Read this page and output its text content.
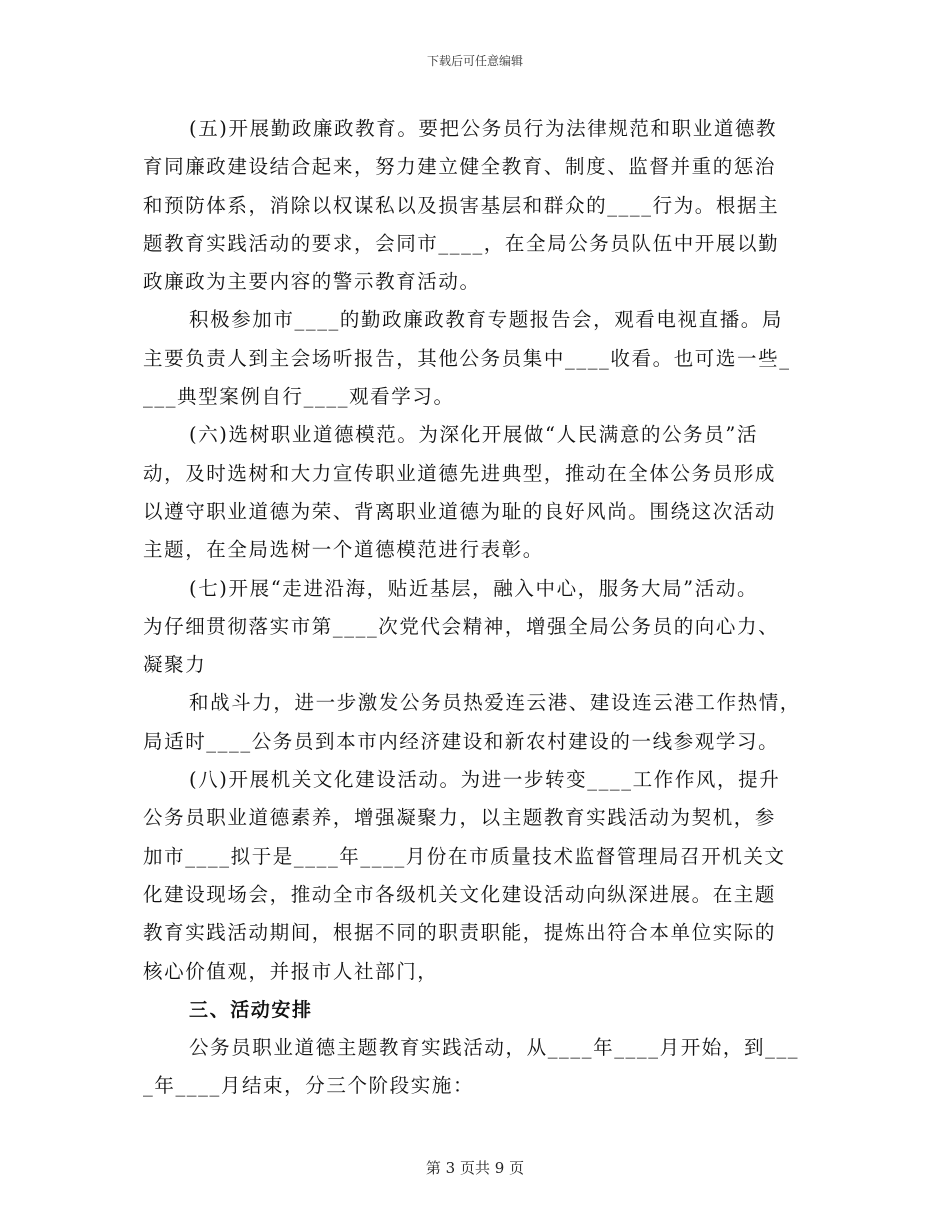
下载后可任意编辑
(五)开展勤政廉政教育。要把公务员行为法律规范和职业道德教
育同廉政建设结合起来，努力建立健全教育、制度、监督并重的惩治
和预防体系，消除以权谋私以及损害基层和群众的____行为。根据主
题教育实践活动的要求，会同市____，在全局公务员队伍中开展以勤
政廉政为主要内容的警示教育活动。
积极参加市____的勤政廉政教育专题报告会，观看电视直播。局
主要负责人到主会场听报告，其他公务员集中____收看。也可选一些_
___典型案例自行____观看学习。
(六)选树职业道德模范。为深化开展做“人民满意的公务员”活
动，及时选树和大力宣传职业道德先进典型，推动在全体公务员形成
以遵守职业道德为荣、背离职业道德为耻的良好风尚。围绕这次活动
主题，在全局选树一个道德模范进行表彰。
(七)开展“走进沿海，贴近基层，融入中心，服务大局”活动。
为仔细贯彻落实市第____次党代会精神，增强全局公务员的向心力、
凝聚力
和战斗力，进一步激发公务员热爱连云港、建设连云港工作热情，
局适时____公务员到本市内经济建设和新农村建设的一线参观学习。
(八)开展机关文化建设活动。为进一步转变____工作作风，提升
公务员职业道德素养，增强凝聚力，以主题教育实践活动为契机，参
加市____拟于是____年____月份在市质量技术监督管理局召开机关文
化建设现场会，推动全市各级机关文化建设活动向纵深进展。在主题
教育实践活动期间，根据不同的职责职能，提炼出符合本单位实际的
核心价值观，并报市人社部门，
三、活动安排
公务员职业道德主题教育实践活动，从____年____月开始，到___
_年____月结束，分三个阶段实施：
第 3 页共 9 页
